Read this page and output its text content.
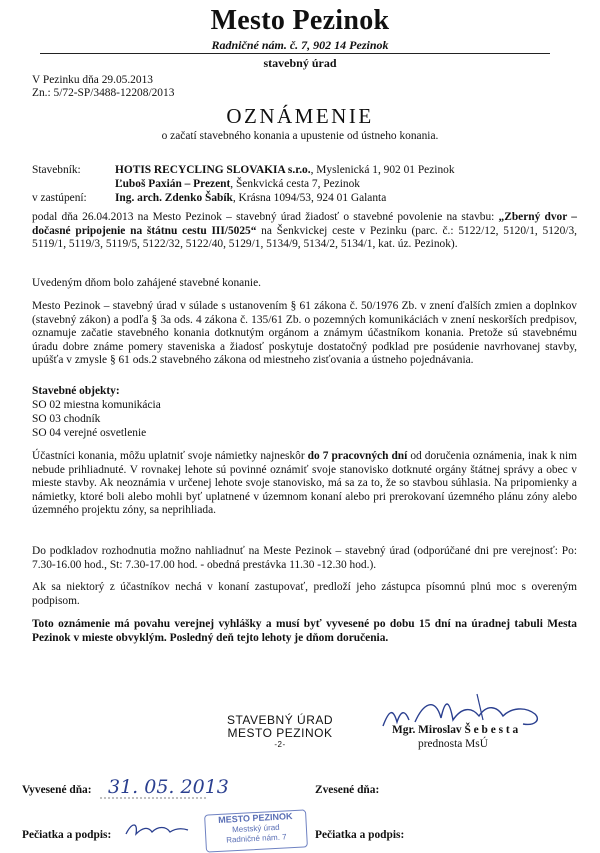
Mesto Pezinok
Radničné nám. č. 7, 902 14 Pezinok
stavebný úrad
V Pezinku dňa 29.05.2013
Zn.: 5/72-SP/3488-12208/2013
OZNÁMENIE
o začatí stavebného konania a upustenie od ústneho konania.
Stavebník:	HOTIS RECYCLING SLOVAKIA s.r.o., Myslenická 1, 902 01 Pezinok
Ľuboš Paxián – Prezent, Šenkvická cesta 7, Pezinok
v zastúpení: Ing. arch. Zdenko Šabík, Krásna 1094/53, 924 01 Galanta
podal dňa 26.04.2013 na Mesto Pezinok – stavebný úrad žiadosť o stavebné povolenie na stavbu: „Zberný dvor – dočasné pripojenie na štátnu cestu III/5025“ na Šenkvickej ceste v Pezinku (parc. č.: 5122/12, 5120/1, 5120/3, 5119/1, 5119/3, 5119/5, 5122/32, 5122/40, 5129/1, 5134/9, 5134/2, 5134/1, kat. úz. Pezinok).
Uvedeným dňom bolo zahájené stavebné konanie.
Mesto Pezinok – stavebný úrad v súlade s ustanovením § 61 zákona č. 50/1976 Zb. v znení ďalších zmien a doplnkov (stavebný zákon) a podľa § 3a ods. 4 zákona č. 135/61 Zb. o pozemných komunikáciách v znení neskorších predpisov, oznamuje začatie stavebného konania dotknutým orgánom a známym účastníkom konania. Pretože sú stavebnému úradu dobre známe pomery staveniska a žiadosť poskytuje dostatočný podklad pre posúdenie navrhovanej stavby, upúšťa v zmysle § 61 ods.2 stavebného zákona od miestneho zisťovania a ústneho pojednávania.
Stavebné objekty:
SO 02 miestna komunikácia
SO 03 chodník
SO 04 verejné osvetlenie
Účastníci konania, môžu uplatniť svoje námietky najneskôr do 7 pracovných dní od doručenia oznámenia, inak k nim nebude prihliadnuté. V rovnakej lehote sú povinné oznámiť svoje stanovisko dotknuté orgány štátnej správy a obec v mieste stavby. Ak neoznámia v určenej lehote svoje stanovisko, má sa za to, že so stavbou súhlasia. Na pripomienky a námietky, ktoré boli alebo mohli byť uplatnené v územnom konaní alebo pri prerokovaní územného plánu zóny alebo územného projektu zóny, sa neprihliada.
Do podkladov rozhodnutia možno nahliadnuť na Meste Pezinok – stavebný úrad (odporúčané dni pre verejnosť: Po: 7.30-16.00 hod., St: 7.30-17.00 hod. - obedná prestávka 11.30 -12.30 hod.).
Ak sa niektorý z účastníkov nechá v konaní zastupovať, predloží jeho zástupca písomnú plnú moc s overeným podpisom.
Toto oznámenie má povahu verejnej vyhlášky a musí byť vyvesené po dobu 15 dní na úradnej tabuli Mesta Pezinok v mieste obvyklým. Posledný deň tejto lehoty je dňom doručenia.
STAVEBNÝ ÚRAD
MESTO PEZINOK
-2-
Mgr. Miroslav Š e b e s t a
prednosta MsÚ
Vyvesené dňa: 31. 05. 2013	Zvesené dňa:
Pečiatka a podpis:
MESTO PEZINOK
Mestský úrad
Radničné nám. 7	Pečiatka a podpis:
